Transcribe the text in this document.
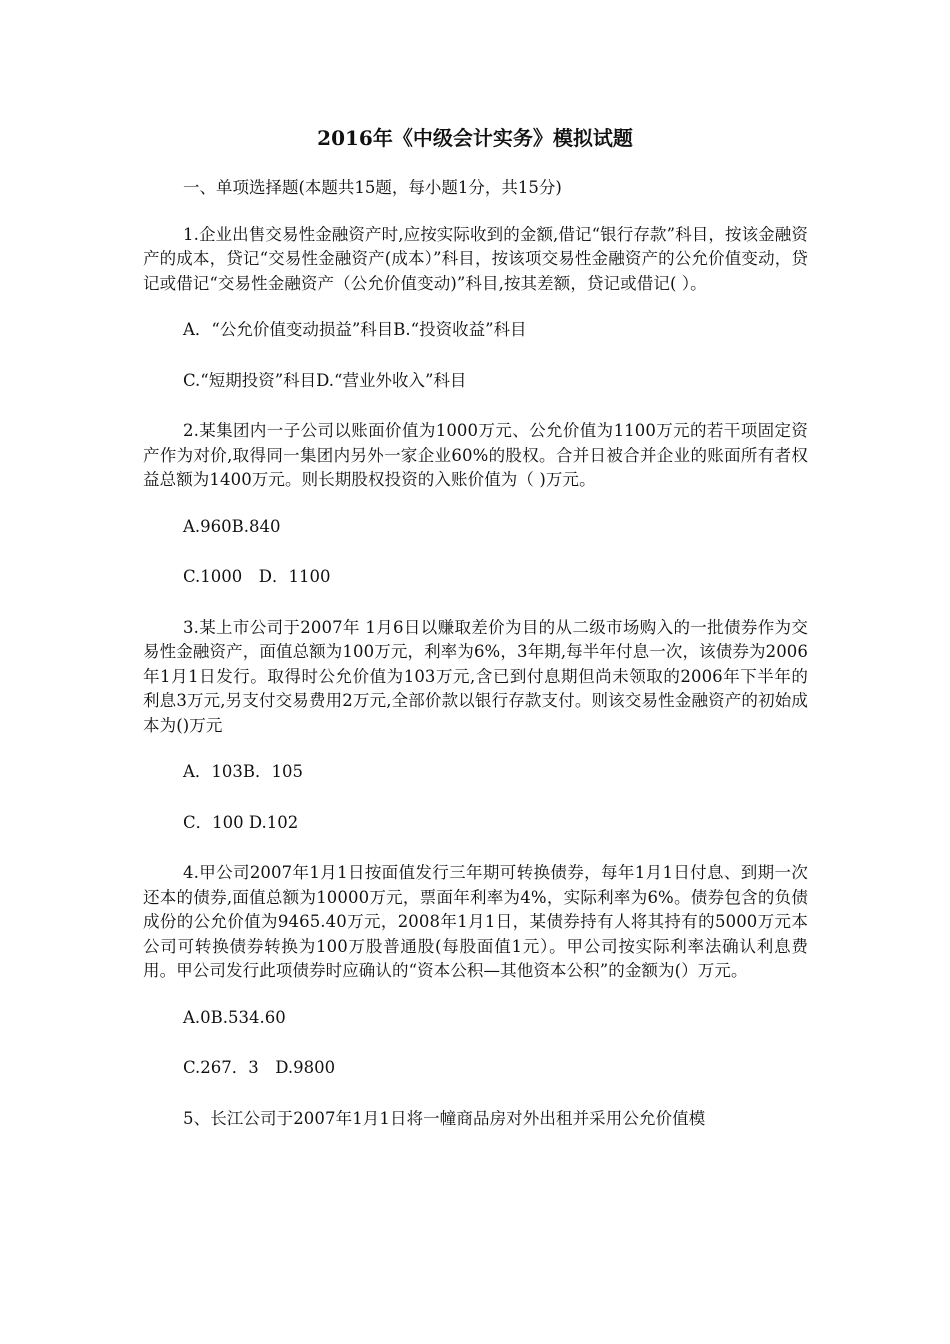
2016年《中级会计实务》模拟试题

一、单项选择题(本题共15题，每小题1分，共15分)

1.企业出售交易性金融资产时,应按实际收到的金额,借记“银行存款”科目，按该金融资产的成本，贷记“交易性金融资产(成本）”科目，按该项交易性金融资产的公允价值变动，贷记或借记“交易性金融资产（公允价值变动)”科目,按其差额，贷记或借记( ）。

A．“公允价值变动损益”科目B.“投资收益”科目

C.“短期投资”科目D.“营业外收入”科目

2.某集团内一子公司以账面价值为1000万元、公允价值为1100万元的若干项固定资产作为对价,取得同一集团内另外一家企业60%的股权。合并日被合并企业的账面所有者权益总额为1400万元。则长期股权投资的入账价值为（ )万元。

A.960B.840

C.1000　D．1100

3.某上市公司于2007年 1月6日以赚取差价为目的从二级市场购入的一批债券作为交易性金融资产，面值总额为100万元，利率为6%，3年期,每半年付息一次，该债券为2006年1月1日发行。取得时公允价值为103万元,含已到付息期但尚未领取的2006年下半年的利息3万元,另支付交易费用2万元,全部价款以银行存款支付。则该交易性金融资产的初始成本为()万元

A．103B．105

C．100 D.102

4.甲公司2007年1月1日按面值发行三年期可转换债券，每年1月1日付息、到期一次还本的债券,面值总额为10000万元，票面年利率为4%，实际利率为6%。债券包含的负债成份的公允价值为9465.40万元，2008年1月1日，某债券持有人将其持有的5000万元本公司可转换债券转换为100万股普通股(每股面值1元）。甲公司按实际利率法确认利息费用。甲公司发行此项债券时应确认的“资本公积—其他资本公积”的金额为(）万元。

A.0B.534.60

C.267．3　D.9800

5、长江公司于2007年1月1日将一幢商品房对外出租并采用公允价值模
